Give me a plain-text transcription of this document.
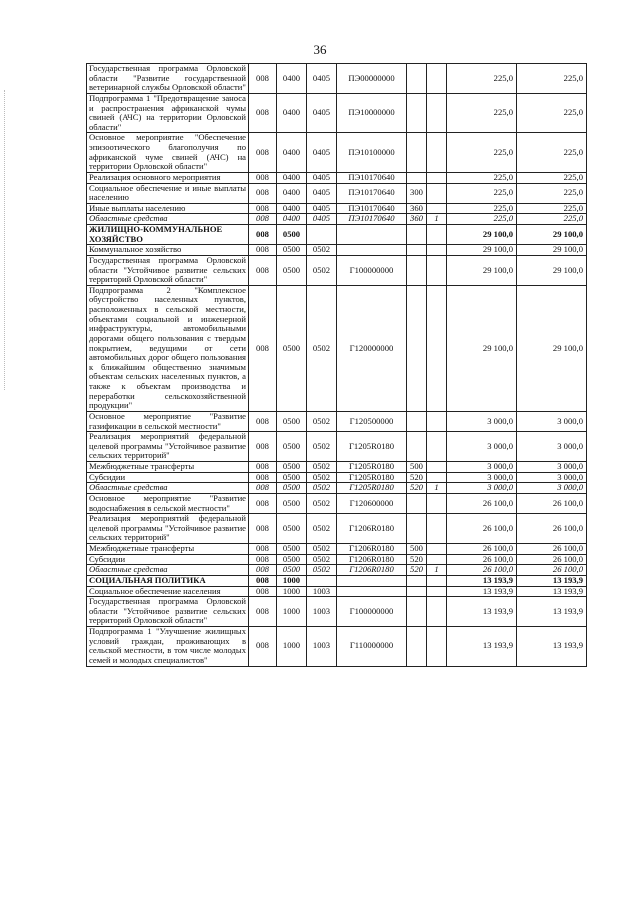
36
Государственная программа Орловской области "Развитие государственной ветеринарной службы Орловской области"	008	0400	0405	ПЭ00000000			225,0	225,0
Подпрограмма 1 "Предотвращение заноса и распространения африканской чумы свиней (АЧС) на территории Орловской области"	008	0400	0405	ПЭ10000000			225,0	225,0
Основное мероприятие "Обеспечение эпизоотического благополучия по африканской чуме свиней (АЧС) на территории Орловской области"	008	0400	0405	ПЭ10100000			225,0	225,0
Реализация основного мероприятия	008	0400	0405	ПЭ10170640			225,0	225,0
Социальное обеспечение и иные выплаты населению	008	0400	0405	ПЭ10170640	300		225,0	225,0
Иные выплаты населению	008	0400	0405	ПЭ10170640	360		225,0	225,0
Областные средства	008	0400	0405	ПЭ10170640	360	1	225,0	225,0
ЖИЛИЩНО-КОММУНАЛЬНОЕ ХОЗЯЙСТВО	008	0500					29 100,0	29 100,0
Коммунальное хозяйство	008	0500	0502				29 100,0	29 100,0
Государственная программа Орловской области "Устойчивое развитие сельских территорий Орловской области"	008	0500	0502	Г100000000			29 100,0	29 100,0
Подпрограмма 2 "Комплексное обустройство населенных пунктов, расположенных в сельской местности, объектами социальной и инженерной инфраструктуры, автомобильными дорогами общего пользования с твердым покрытием, ведущими от сети автомобильных дорог общего пользования к ближайшим общественно значимым объектам сельских населенных пунктов, а также к объектам производства и переработки сельскохозяйственной продукции"	008	0500	0502	Г120000000			29 100,0	29 100,0
Основное мероприятие "Развитие газификации в сельской местности"	008	0500	0502	Г120500000			3 000,0	3 000,0
Реализация мероприятий федеральной целевой программы "Устойчивое развитие сельских территорий"	008	0500	0502	Г1205R0180			3 000,0	3 000,0
Межбюджетные трансферты	008	0500	0502	Г1205R0180	500		3 000,0	3 000,0
Субсидии	008	0500	0502	Г1205R0180	520		3 000,0	3 000,0
Областные средства	008	0500	0502	Г1205R0180	520	1	3 000,0	3 000,0
Основное мероприятие "Развитие водоснабжения в сельской местности"	008	0500	0502	Г120600000			26 100,0	26 100,0
Реализация мероприятий федеральной целевой программы "Устойчивое развитие сельских территорий"	008	0500	0502	Г1206R0180			26 100,0	26 100,0
Межбюджетные трансферты	008	0500	0502	Г1206R0180	500		26 100,0	26 100,0
Субсидии	008	0500	0502	Г1206R0180	520		26 100,0	26 100,0
Областные средства	008	0500	0502	Г1206R0180	520	1	26 100,0	26 100,0
СОЦИАЛЬНАЯ ПОЛИТИКА	008	1000					13 193,9	13 193,9
Социальное обеспечение населения	008	1000	1003				13 193,9	13 193,9
Государственная программа Орловской области "Устойчивое развитие сельских территорий Орловской области"	008	1000	1003	Г100000000			13 193,9	13 193,9
Подпрограмма 1 "Улучшение жилищных условий граждан, проживающих в сельской местности, в том числе молодых семей и молодых специалистов"	008	1000	1003	Г110000000			13 193,9	13 193,9
